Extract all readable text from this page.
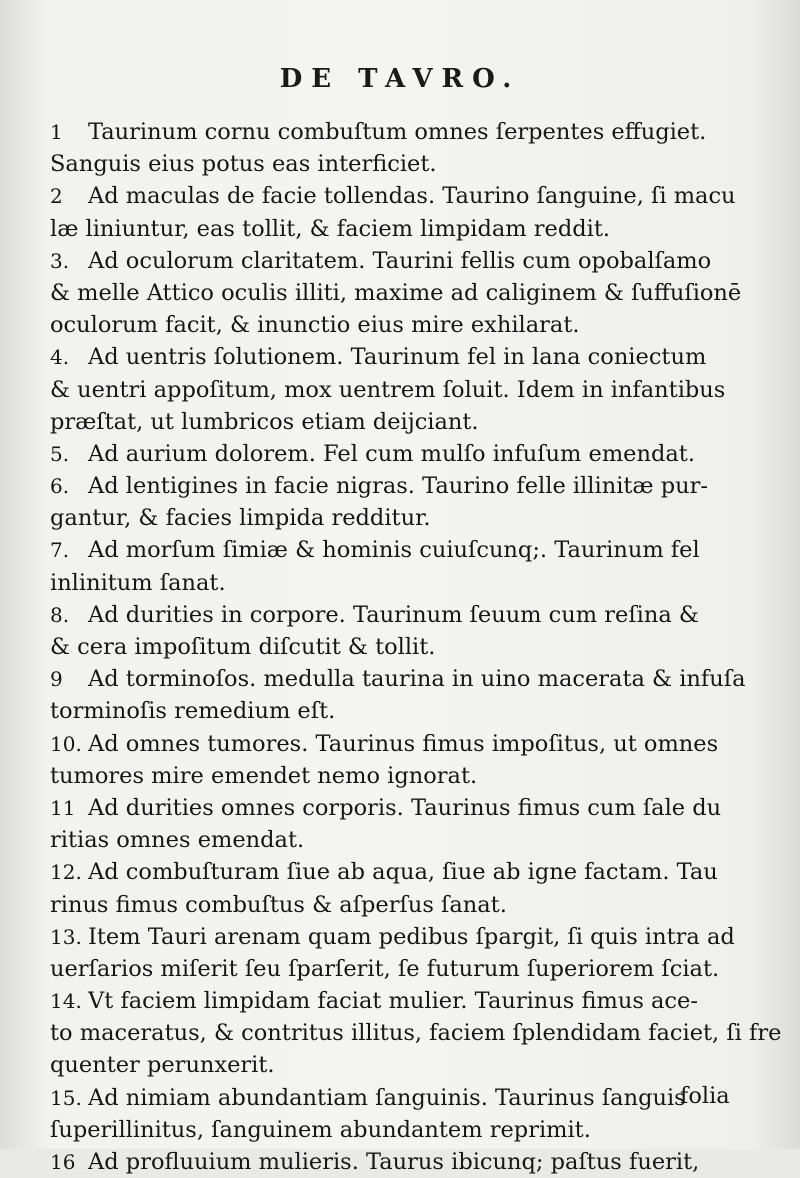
DE TAVRO.
1 Taurinum cornu combuſtum omnes ſerpentes effugiet.
Sanguis eius potus eas interficiet.
2 Ad maculas de facie tollendas. Taurino ſanguine, ſi macu
læ liniuntur, eas tollit, & faciem limpidam reddit.
3. Ad oculorum claritatem. Taurini fellis cum opobalſamo
& melle Attico oculis illiti, maxime ad caliginem & ſuffuſionē
oculorum facit, & inunctio eius mire exhilarat.
4. Ad uentris ſolutionem. Taurinum fel in lana coniectum
& uentri appoſitum, mox uentrem ſoluit. Idem in infantibus
præſtat, ut lumbricos etiam deijciant.
5. Ad aurium dolorem. Fel cum mulſo infuſum emendat.
6. Ad lentigines in facie nigras. Taurino felle illinitæ pur-
gantur, & facies limpida redditur.
7. Ad morſum ſimiæ & hominis cuiuſcunq;. Taurinum fel
inlinitum ſanat.
8. Ad durities in corpore. Taurinum ſeuum cum reſina &
& cera impoſitum diſcutit & tollit.
9 Ad torminoſos. medulla taurina in uino macerata & infuſa
torminoſis remedium eſt.
10. Ad omnes tumores. Taurinus fimus impoſitus, ut omnes
tumores mire emendet nemo ignorat.
11 Ad durities omnes corporis. Taurinus fimus cum ſale du
ritias omnes emendat.
12. Ad combuſturam ſiue ab aqua, ſiue ab igne factam. Tau
rinus fimus combuſtus & aſperſus ſanat.
13. Item Tauri arenam quam pedibus ſpargit, ſi quis intra ad
uerſarios miſerit ſeu ſparſerit, ſe futurum ſuperiorem ſciat.
14. Vt faciem limpidam faciat mulier. Taurinus fimus ace-
to maceratus, & contritus illitus, faciem ſplendidam faciet, ſi fre
quenter perunxerit.
15. Ad nimiam abundantiam ſanguinis. Taurinus ſanguis
ſuperillinitus, ſanguinem abundantem reprimit.
16 Ad profluuium mulieris. Taurus ibicunq; paſtus fuerit,
folia
